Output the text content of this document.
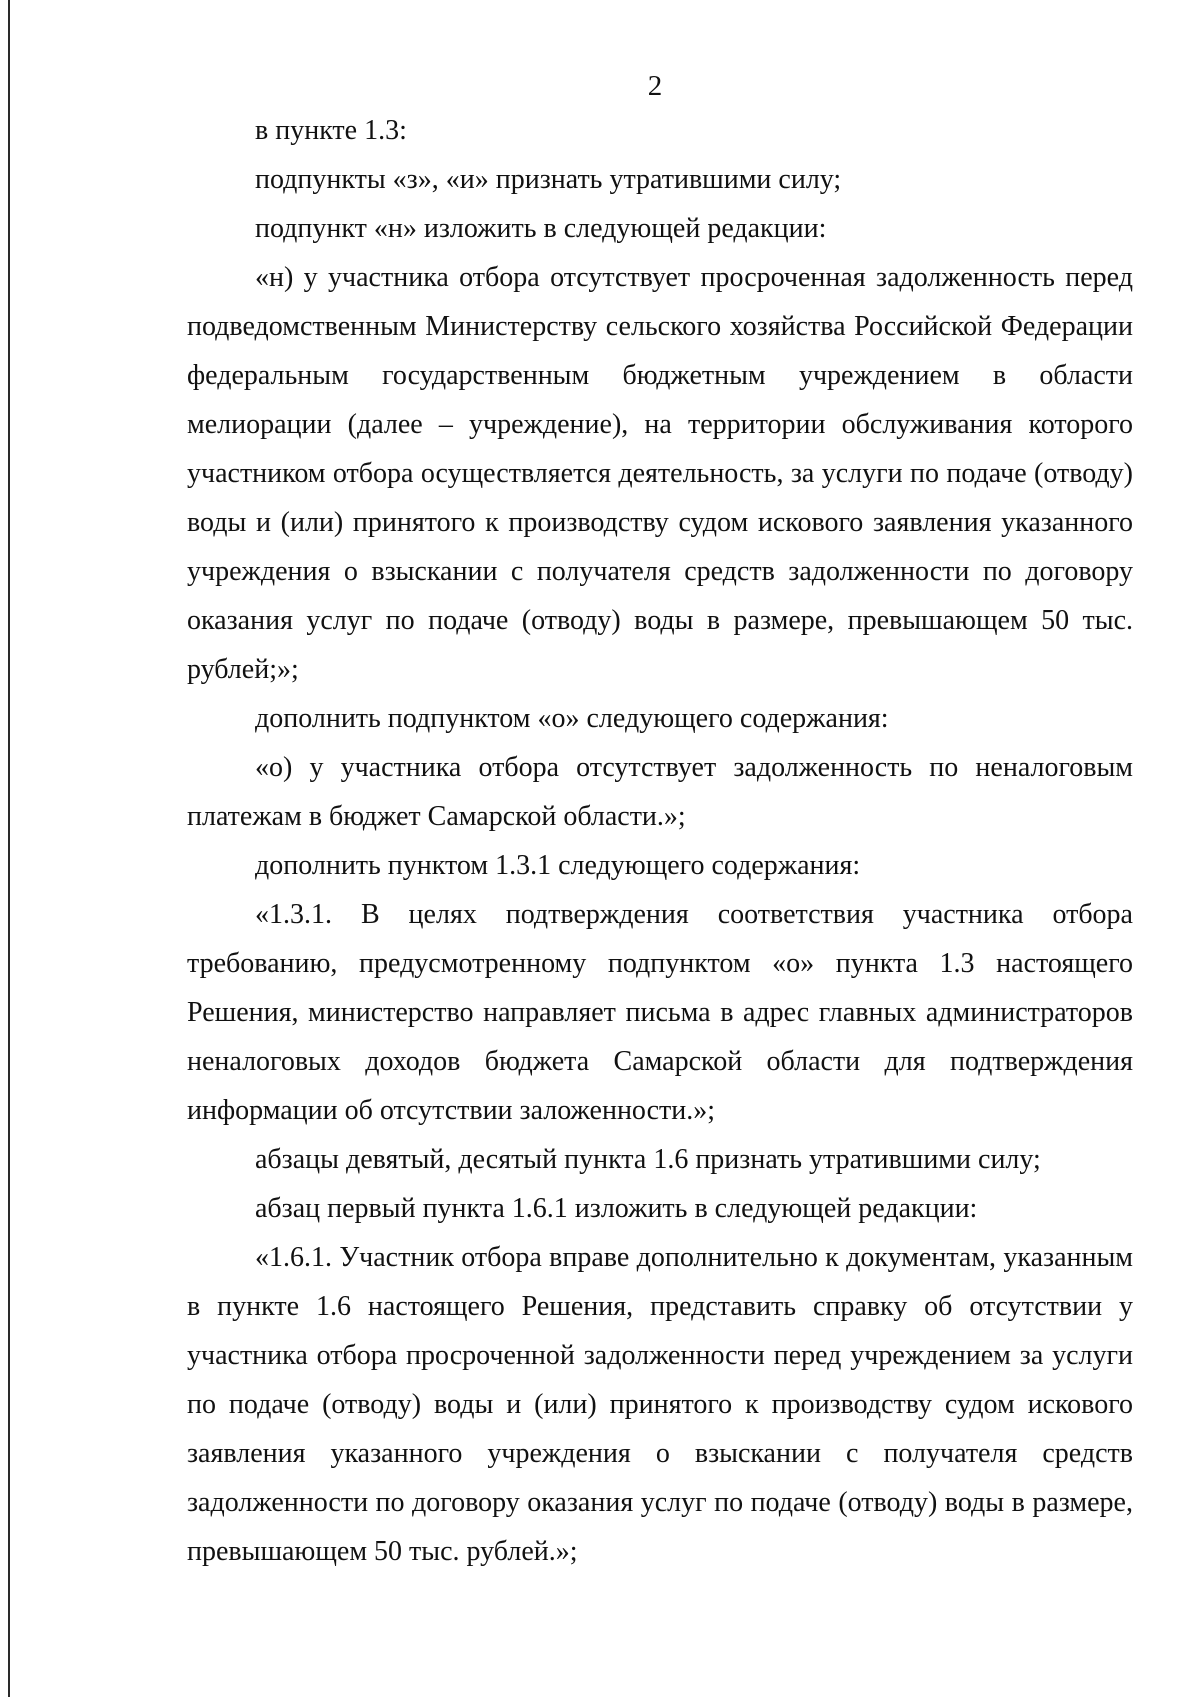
2

в пункте 1.3:

подпункты «з», «и» признать утратившими силу;

подпункт «н» изложить в следующей редакции:

«н) у участника отбора отсутствует просроченная задолженность перед подведомственным Министерству сельского хозяйства Российской Федерации федеральным государственным бюджетным учреждением в области мелиорации (далее – учреждение), на территории обслуживания которого участником отбора осуществляется деятельность, за услуги по подаче (отводу) воды и (или) принятого к производству судом искового заявления указанного учреждения о взыскании с получателя средств задолженности по договору оказания услуг по подаче (отводу) воды в размере, превышающем 50 тыс. рублей;»;

дополнить подпунктом «о» следующего содержания:

«о) у участника отбора отсутствует задолженность по неналоговым платежам в бюджет Самарской области.»;

дополнить пунктом 1.3.1 следующего содержания:

«1.3.1. В целях подтверждения соответствия участника отбора требованию, предусмотренному подпунктом «о» пункта 1.3 настоящего Решения, министерство направляет письма в адрес главных администраторов неналоговых доходов бюджета Самарской области для подтверждения информации об отсутствии заложенности.»;

абзацы девятый, десятый пункта 1.6 признать утратившими силу;

абзац первый пункта 1.6.1 изложить в следующей редакции:

«1.6.1. Участник отбора вправе дополнительно к документам, указанным в пункте 1.6 настоящего Решения, представить справку об отсутствии у участника отбора просроченной задолженности перед учреждением за услуги по подаче (отводу) воды и (или) принятого к производству судом искового заявления указанного учреждения о взыскании с получателя средств задолженности по договору оказания услуг по подаче (отводу) воды в размере, превышающем 50 тыс. рублей.»;
